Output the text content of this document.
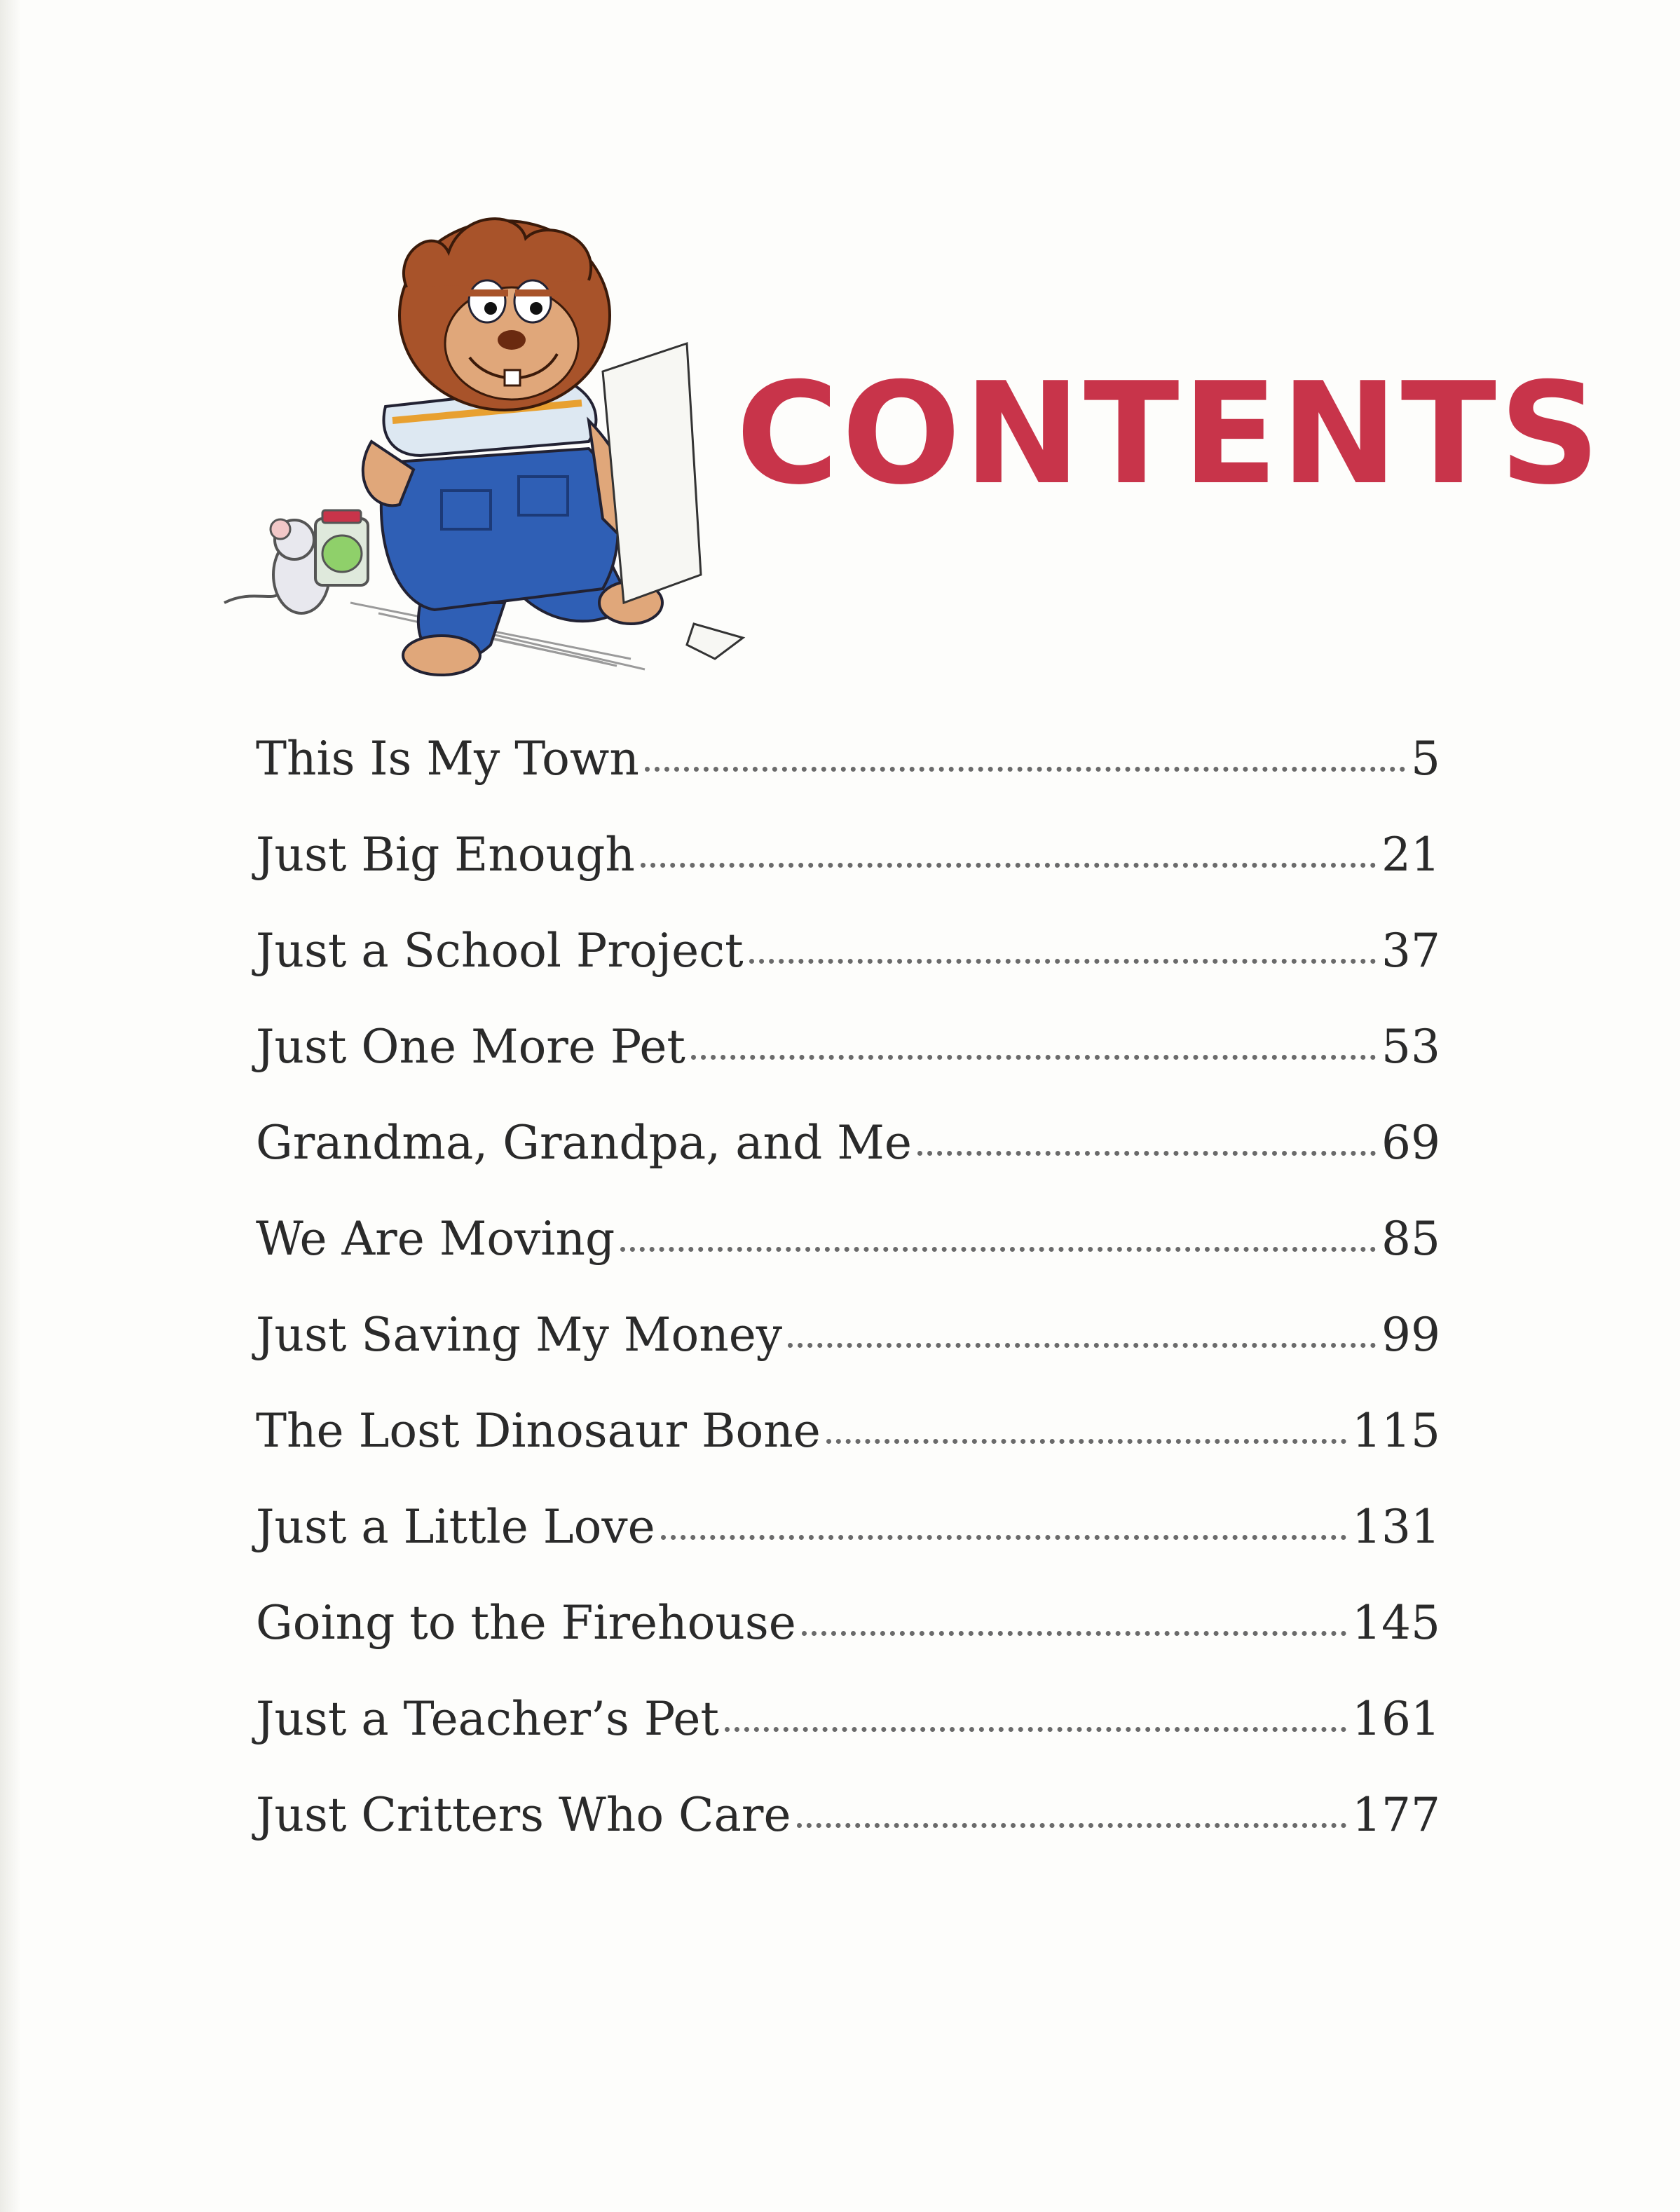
CONTENTS
This Is My Town	5
Just Big Enough	21
Just a School Project	37
Just One More Pet	53
Grandma, Grandpa, and Me	69
We Are Moving	85
Just Saving My Money	99
The Lost Dinosaur Bone	115
Just a Little Love	131
Going to the Firehouse	145
Just a Teacher’s Pet	161
Just Critters Who Care	177
